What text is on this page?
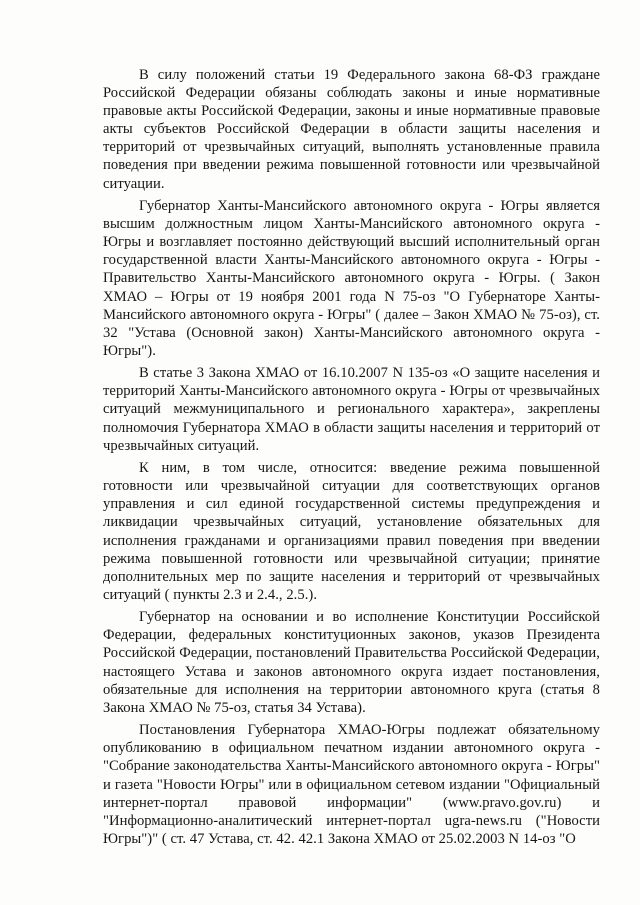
В силу положений статьи 19 Федерального закона 68-ФЗ граждане Российской Федерации обязаны соблюдать законы и иные нормативные правовые акты Российской Федерации, законы и иные нормативные правовые акты субъектов Российской Федерации в области защиты населения и территорий от чрезвычайных ситуаций, выполнять установленные правила поведения при введении режима повышенной готовности или чрезвычайной ситуации.

Губернатор Ханты-Мансийского автономного округа - Югры является высшим должностным лицом Ханты-Мансийского автономного округа - Югры и возглавляет постоянно действующий высший исполнительный орган государственной власти Ханты-Мансийского автономного округа - Югры - Правительство Ханты-Мансийского автономного округа - Югры. ( Закон ХМАО – Югры от 19 ноября 2001 года N 75-оз "О Губернаторе Ханты-Мансийского автономного округа - Югры" ( далее – Закон ХМАО № 75-оз), ст. 32 "Устава (Основной закон) Ханты-Мансийского автономного округа - Югры").

В статье 3 Закона ХМАО от 16.10.2007 N 135-оз «О защите населения и территорий Ханты-Мансийского автономного округа - Югры от чрезвычайных ситуаций межмуниципального и регионального характера», закреплены полномочия Губернатора ХМАО в области защиты населения и территорий от чрезвычайных ситуаций.

К ним, в том числе, относится: введение режима повышенной готовности или чрезвычайной ситуации для соответствующих органов управления и сил единой государственной системы предупреждения и ликвидации чрезвычайных ситуаций, установление обязательных для исполнения гражданами и организациями правил поведения при введении режима повышенной готовности или чрезвычайной ситуации; принятие дополнительных мер по защите населения и территорий от чрезвычайных ситуаций ( пункты 2.3 и 2.4., 2.5.).

Губернатор на основании и во исполнение Конституции Российской Федерации, федеральных конституционных законов, указов Президента Российской Федерации, постановлений Правительства Российской Федерации, настоящего Устава и законов автономного округа издает постановления, обязательные для исполнения на территории автономного круга (статья 8 Закона ХМАО № 75-оз, статья 34 Устава).

Постановления Губернатора ХМАО-Югры подлежат обязательному опубликованию в официальном печатном издании автономного округа - "Собрание законодательства Ханты-Мансийского автономного округа - Югры" и газета "Новости Югры" или в официальном сетевом издании "Официальный интернет-портал правовой информации" (www.pravo.gov.ru) и "Информационно-аналитический интернет-портал ugra-news.ru ("Новости Югры")" ( ст. 47 Устава, ст. 42. 42.1 Закона ХМАО от 25.02.2003 N 14-оз "О
